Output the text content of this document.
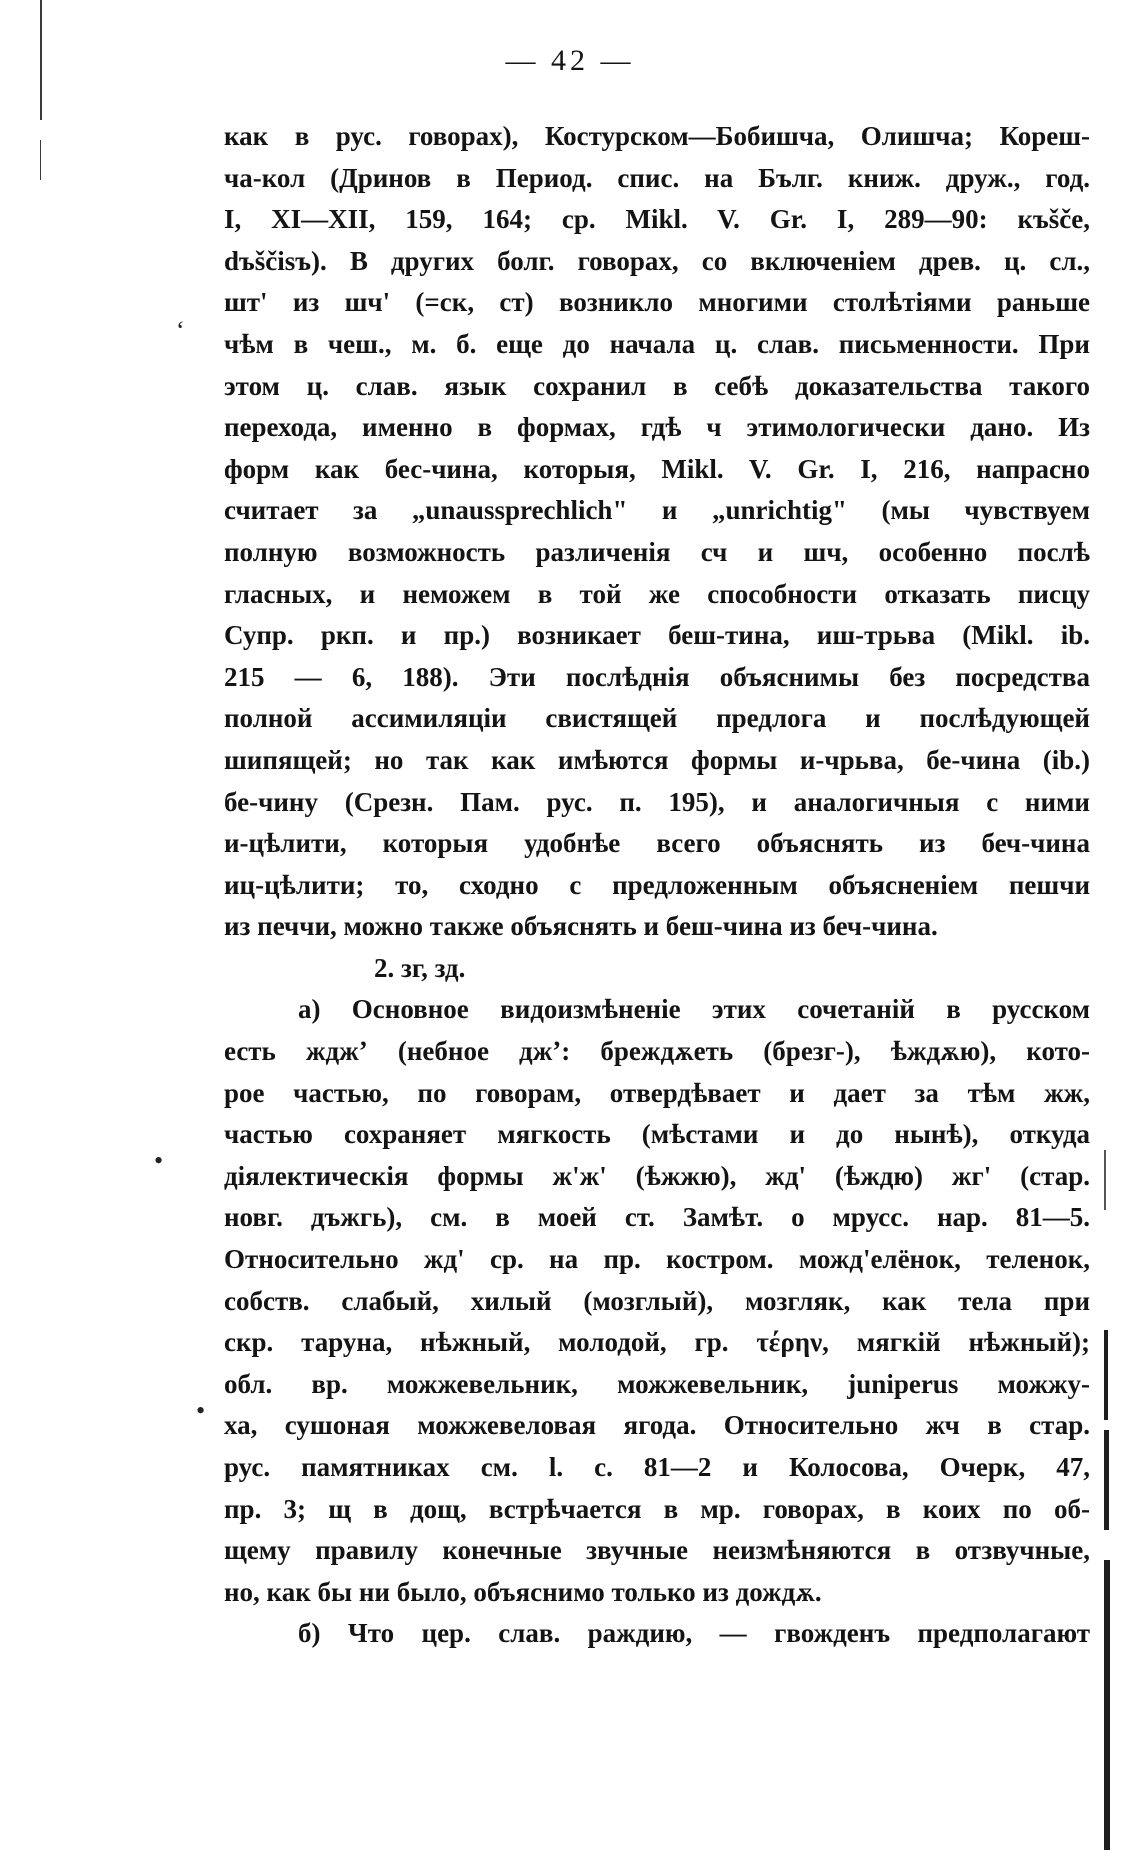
ʻ
•
•
— 42 —
как в рус. говорах), Костурском—Бобишча, Олишча; Кореш-
ча-кол (Дринов в Период. спис. на Бълг. книж. друж., год.
I, XI—XII, 159, 164; ср. Mikl. V. Gr. I, 289—90: къšče,
dъščisъ). В других болг. говорах, со включеніем древ. ц. сл.,
шт' из шч' (=ск, ст) возникло многими столѣтіями раньше
чѣм в чеш., м. б. еще до начала ц. слав. письменности. При
этом ц. слав. язык сохранил в себѣ доказательства такого
перехода, именно в формах, гдѣ ч этимологически дано. Из
форм как бес-чина, которыя, Mikl. V. Gr. I, 216, напрасно
считает за „unaussprechlich" и „unrichtig" (мы чувствуем
полную возможность различенія сч и шч, особенно послѣ
гласных, и неможем в той же способности отказать писцу
Супр. ркп. и пр.) возникает беш-тина, иш-трьва (Mikl. ib.
215 — 6, 188). Эти послѣднія объяснимы без посредства
полной ассимиляціи свистящей предлога и послѣдующей
шипящей; но так как имѣются формы и-чрьва, бе-чина (ib.)
бе-чину (Срезн. Пам. рус. п. 195), и аналогичныя с ними
и-цѣлити, которыя удобнѣе всего объяснять из беч-чина
иц-цѣлити; то, сходно с предложенным объясненіем пешчи
из печчи, можно также объяснять и беш-чина из беч-чина.
2. зг, зд.
а) Основное видоизмѣненіе этих сочетаній в русском
есть жджʼ (небное джʼ: бреждѫеть (брезг-), ѣждѫю), кото-
рое частью, по говорам, отвердѣвает и дает за тѣм жж,
частью сохраняет мягкость (мѣстами и до нынѣ), откуда
діялектическія формы ж'ж' (ѣжжю), жд' (ѣждю) жг' (стар.
новг. дъжгь), см. в моей ст. Замѣт. о мрусс. нар. 81—5.
Относительно жд' ср. на пр. костром. можд'елёнок, теленок,
собств. слабый, хилый (мозглый), мозгляк, как тела при
скр. таруна, нѣжный, молодой, гр. τέρην, мягкій нѣжный);
обл. вр. можжевельник, можжевельник, juniperus можжу-
ха, сушоная можжевеловая ягода. Относительно жч в стар.
рус. памятниках см. l. с. 81—2 и Колосова, Очерк, 47,
пр. 3; щ в дощ, встрѣчается в мр. говорах, в коих по об-
щему правилу конечные звучные неизмѣняются в отзвучные,
но, как бы ни было, объяснимо только из дождѫ.
б) Что цер. слав. раждию, — гвожденъ предполагают
